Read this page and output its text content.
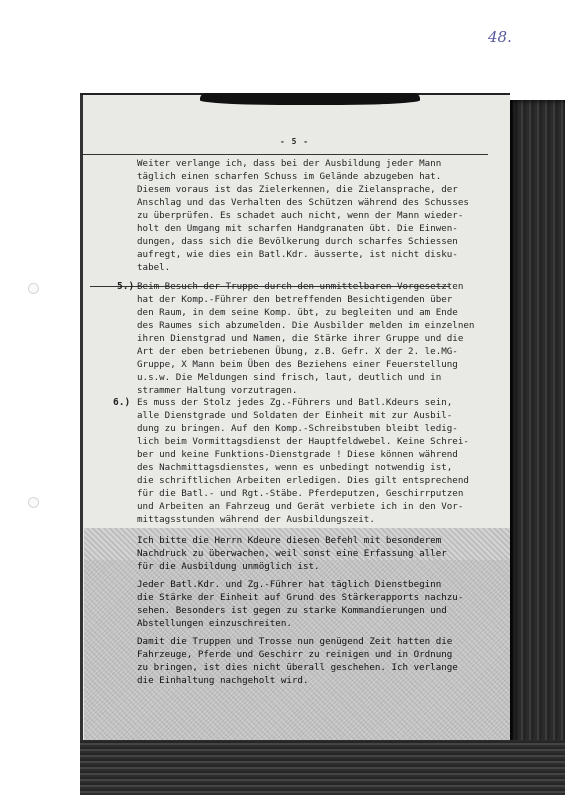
48.
- 5 -
Weiter verlange ich, dass bei der Ausbildung jeder Mann
täglich einen scharfen Schuss im Gelände abzugeben hat.
Diesem voraus ist das Zielerkennen, die Zielansprache, der
Anschlag und das Verhalten des Schützen während des Schusses
zu überprüfen. Es schadet auch nicht, wenn der Mann wieder-
holt den Umgang mit scharfen Handgranaten übt. Die Einwen-
dungen, dass sich die Bevölkerung durch scharfes Schiessen
aufregt, wie dies ein Batl.Kdr. äusserte, ist nicht disku-
tabel.
5.) Beim Besuch der Truppe durch den unmittelbaren Vorgesetzten
hat der Komp.-Führer den betreffenden Besichtigenden über
den Raum, in dem seine Komp. übt, zu begleiten und am Ende
des Raumes sich abzumelden. Die Ausbilder melden im einzelnen
ihren Dienstgrad und Namen, die Stärke ihrer Gruppe und die
Art der eben betriebenen Übung, z.B. Gefr. X der 2. le.MG-
Gruppe, X Mann beim Üben des Beziehens einer Feuerstellung
u.s.w. Die Meldungen sind frisch, laut, deutlich und in
strammer Haltung vorzutragen.
6.) Es muss der Stolz jedes Zg.-Führers und Batl.Kdeurs sein,
alle Dienstgrade und Soldaten der Einheit mit zur Ausbil-
dung zu bringen. Auf den Komp.-Schreibstuben bleibt ledig-
lich beim Vormittagsdienst der Hauptfeldwebel. Keine Schrei-
ber und keine Funktions-Dienstgrade ! Diese können während
des Nachmittagsdienstes, wenn es unbedingt notwendig ist,
die schriftlichen Arbeiten erledigen. Dies gilt entsprechend
für die Batl.- und Rgt.-Stäbe. Pferdeputzen, Geschirrputzen
und Arbeiten an Fahrzeug und Gerät verbiete ich in den Vor-
mittagsstunden während der Ausbildungszeit.
Ich bitte die Herrn Kdeure diesen Befehl mit besonderem
Nachdruck zu überwachen, weil sonst eine Erfassung aller
für die Ausbildung unmöglich ist.
Jeder Batl.Kdr. und Zg.-Führer hat täglich Dienstbeginn
die Stärke der Einheit auf Grund des Stärkerapports nachzu-
sehen. Besonders ist gegen zu starke Kommandierungen und
Abstellungen einzuschreiten.
Damit die Truppen und Trosse nun genügend Zeit hatten die
Fahrzeuge, Pferde und Geschirr zu reinigen und in Ordnung
zu bringen, ist dies nicht überall geschehen. Ich verlange
die Einhaltung nachgeholt wird.
